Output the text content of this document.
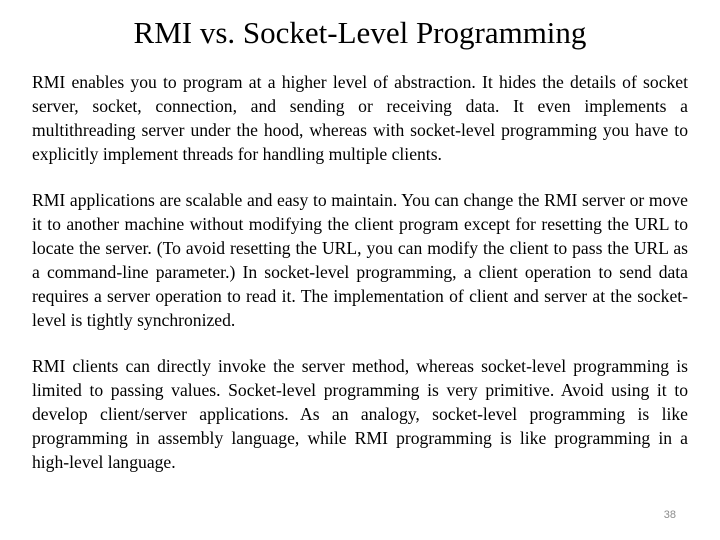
RMI vs. Socket-Level Programming

RMI enables you to program at a higher level of abstraction. It hides the details of socket server, socket, connection, and sending or receiving data. It even implements a multithreading server under the hood, whereas with socket-level programming you have to explicitly implement threads for handling multiple clients.

RMI applications are scalable and easy to maintain. You can change the RMI server or move it to another machine without modifying the client program except for resetting the URL to locate the server. (To avoid resetting the URL, you can modify the client to pass the URL as a command-line parameter.) In socket-level programming, a client operation to send data requires a server operation to read it. The implementation of client and server at the socket-level is tightly synchronized.

RMI clients can directly invoke the server method, whereas socket-level programming is limited to passing values. Socket-level programming is very primitive. Avoid using it to develop client/server applications. As an analogy, socket-level programming is like programming in assembly language, while RMI programming is like programming in a high-level language.

38
